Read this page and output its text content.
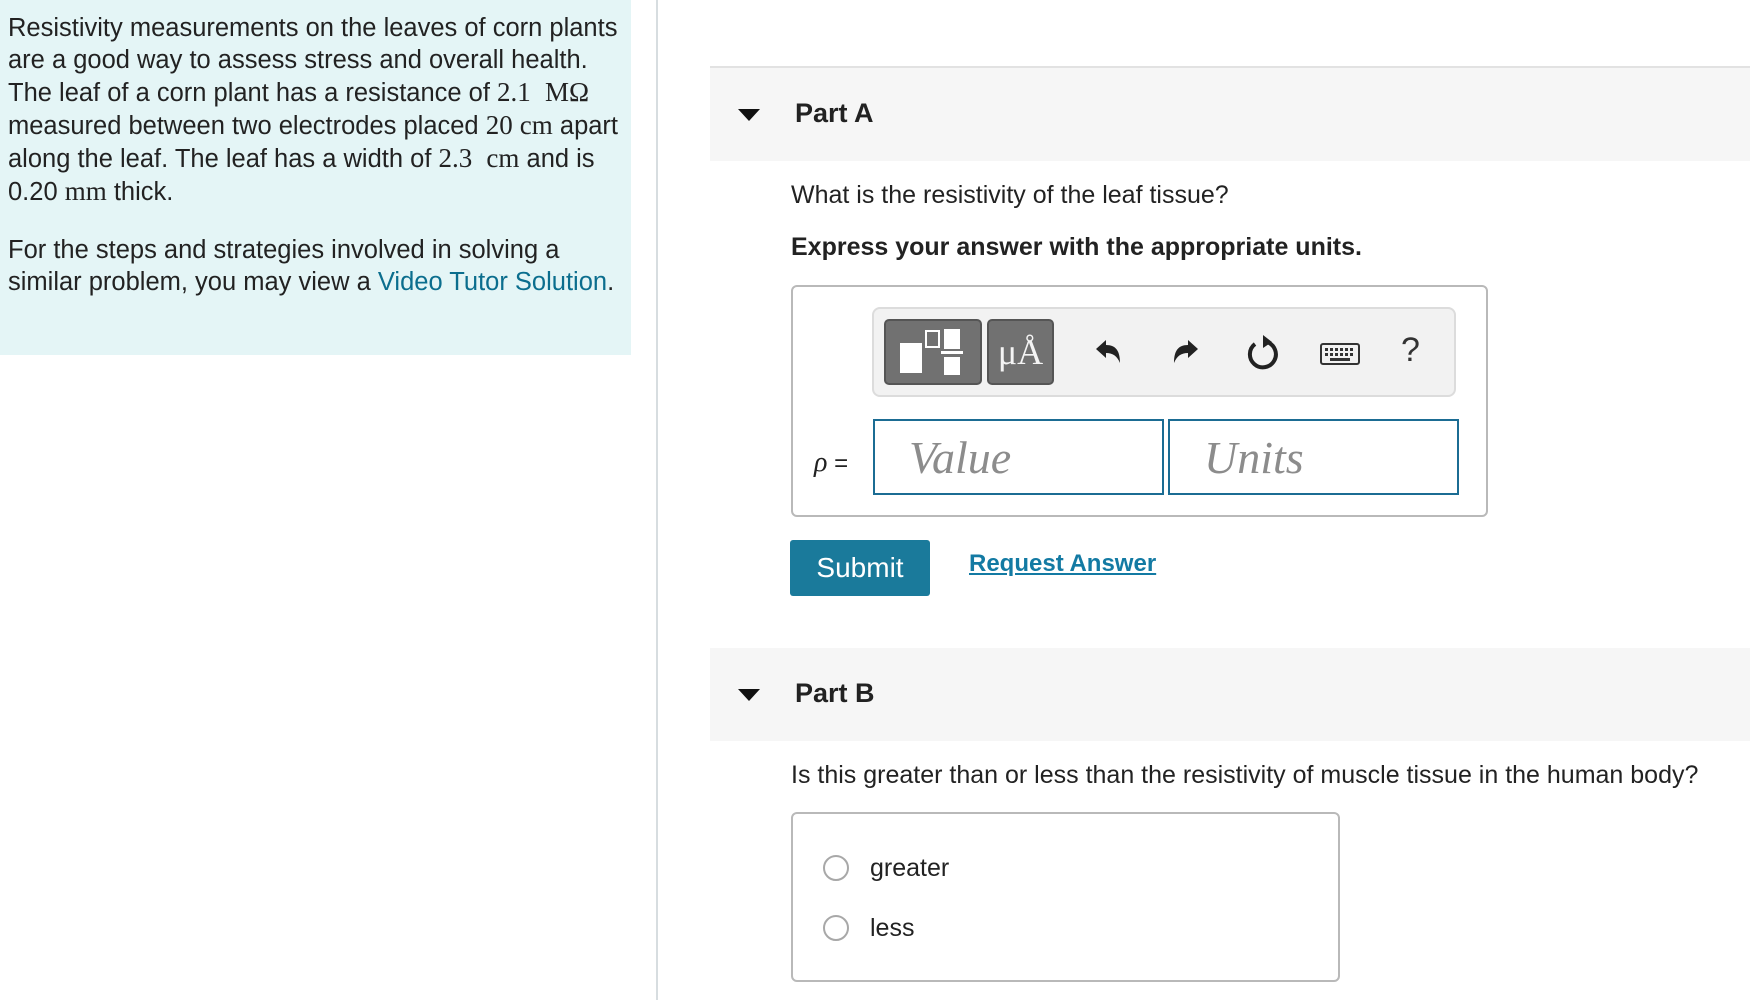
Resistivity measurements on the leaves of corn plants are a good way to assess stress and overall health. The leaf of a corn plant has a resistance of 2.1 MΩ measured between two electrodes placed 20 cm apart along the leaf. The leaf has a width of 2.3 cm and is 0.20 mm thick.

For the steps and strategies involved in solving a similar problem, you may view a Video Tutor Solution.

Part A
What is the resistivity of the leaf tissue?
Express your answer with the appropriate units.
μÅ	?
ρ =	Value	Units
Submit	Request Answer
Part B
Is this greater than or less than the resistivity of muscle tissue in the human body?
greater
less
